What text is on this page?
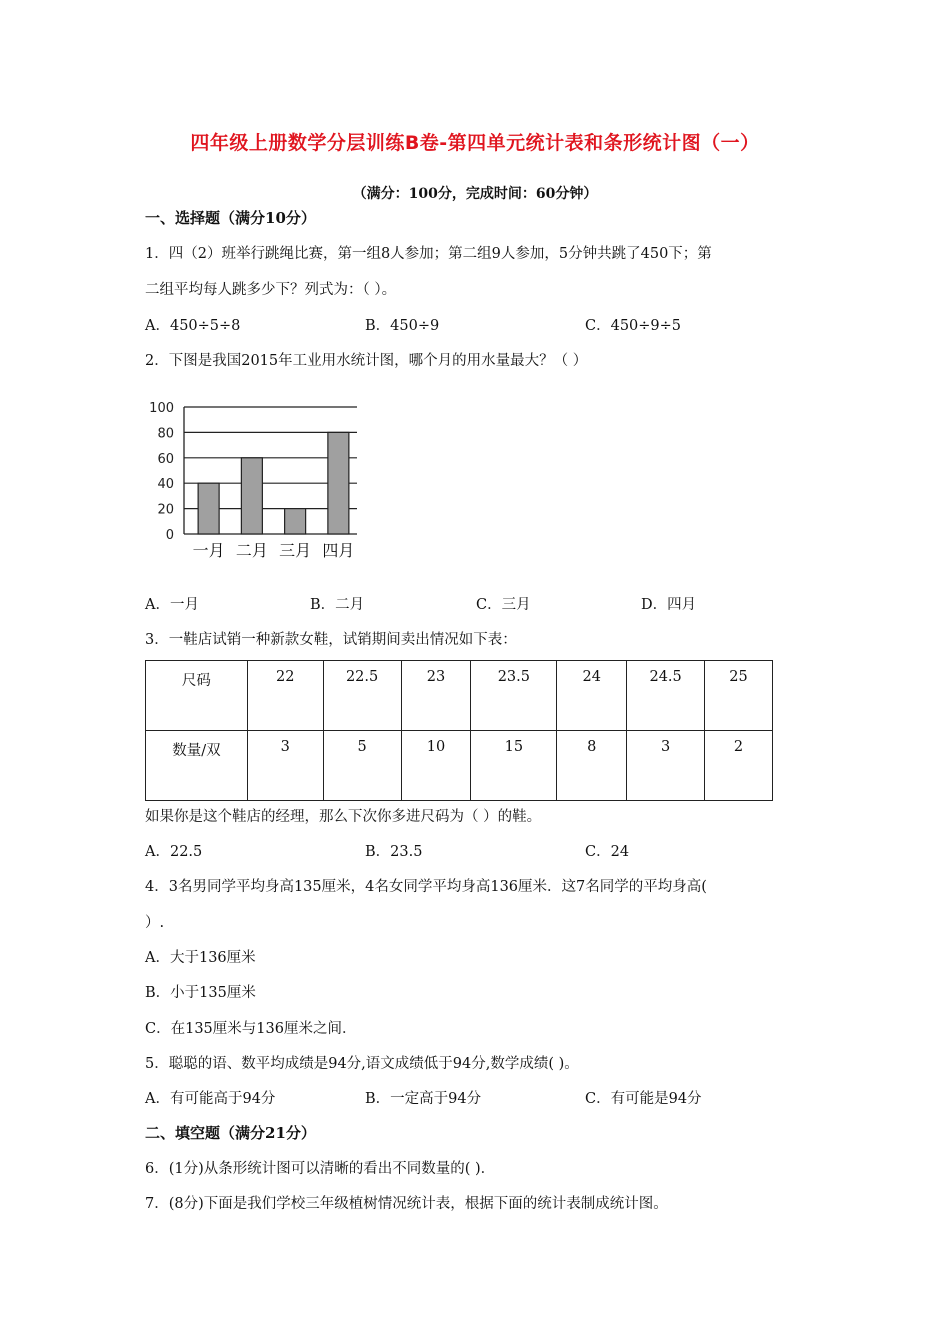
四年级上册数学分层训练B卷-第四单元统计表和条形统计图（一）
（满分：100分，完成时间：60分钟）
一、选择题（满分10分）
1．四（2）班举行跳绳比赛，第一组8人参加；第二组9人参加，5分钟共跳了450下；第
二组平均每人跳多少下？列式为：（ ）。
A．450÷5÷8	B．450÷9	C．450÷9÷5
2．下图是我国2015年工业用水统计图，哪个月的用水量最大？（ ）
100
80
60
40
20
0
一月 二月 三月 四月
A．一月	B．二月	C．三月	D．四月
3．一鞋店试销一种新款女鞋，试销期间卖出情况如下表：
尺码	22	22.5	23	23.5	24	24.5	25
数量/双	3	5	10	15	8	3	2
如果你是这个鞋店的经理，那么下次你多进尺码为（ ）的鞋。
A．22.5	B．23.5	C．24
4．3名男同学平均身高135厘米，4名女同学平均身高136厘米．这7名同学的平均身高(
）.
A．大于136厘米
B．小于135厘米
C．在135厘米与136厘米之间．
5．聪聪的语、数平均成绩是94分,语文成绩低于94分,数学成绩( )。
A．有可能高于94分	B．一定高于94分	C．有可能是94分
二、填空题（满分21分）
6．(1分)从条形统计图可以清晰的看出不同数量的( )．
7．(8分)下面是我们学校三年级植树情况统计表，根据下面的统计表制成统计图。
